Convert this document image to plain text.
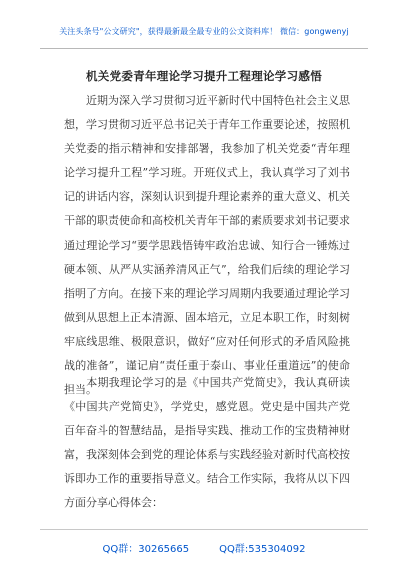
关注头条号"公文研究"，获得最新最全最专业的公文资料库！ 微信：gongwenyj
机关党委青年理论学习提升工程理论学习感悟

近期为深入学习贯彻习近平新时代中国特色社会主义思想，学习贯彻习近平总书记关于青年工作重要论述，按照机关党委的指示精神和安排部署，我参加了机关党委“青年理论学习提升工程”学习班。开班仪式上，我认真学习了刘书记的讲话内容，深刻认识到提升理论素养的重大意义、机关干部的职责使命和高校机关青年干部的素质要求刘书记要求通过理论学习“要学思践悟铸牢政治忠诚、知行合一锤炼过硬本领、从严从实涵养清风正气”，给我们后续的理论学习指明了方向。在接下来的理论学习周期内我要通过理论学习做到从思想上正本清源、固本培元，立足本职工作，时刻树牢底线思维、极限意识，做好“应对任何形式的矛盾风险挑战的准备”，谨记肩“责任重于泰山、事业任重道远”的使命担当。

本期我理论学习的是《中国共产党简史》，我认真研读《中国共产党简史》，学党史，感党恩。党史是中国共产党百年奋斗的智慧结晶，是指导实践、推动工作的宝贵精神财富，我深刻体会到党的理论体系与实践经验对新时代高校按诉即办工作的重要指导意义。结合工作实际，我将从以下四方面分享心得体会：

QQ群：30265665	QQ群:535304092
